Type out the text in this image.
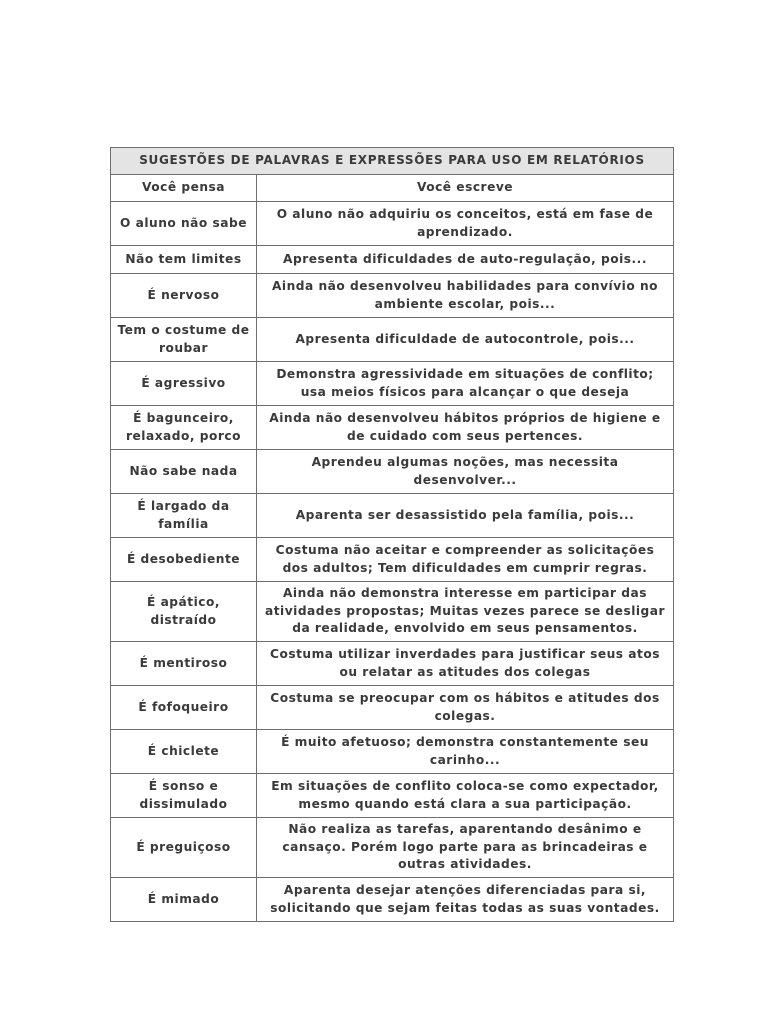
SUGESTÕES DE PALAVRAS E EXPRESSÕES PARA USO EM RELATÓRIOS	
Você pensa	Você escreve
O aluno não sabe	O aluno não adquiriu os conceitos, está em fase de aprendizado.
Não tem limites	Apresenta dificuldades de auto-regulação, pois...
É nervoso	Ainda não desenvolveu habilidades para convívio no ambiente escolar, pois...
Tem o costume de roubar	Apresenta dificuldade de autocontrole, pois...
É agressivo	Demonstra agressividade em situações de conflito; usa meios físicos para alcançar o que deseja
É bagunceiro, relaxado, porco	Ainda não desenvolveu hábitos próprios de higiene e de cuidado com seus pertences.
Não sabe nada	Aprendeu algumas noções, mas necessita desenvolver...
É largado da família	Aparenta ser desassistido pela família, pois...
É desobediente	Costuma não aceitar e compreender as solicitações dos adultos; Tem dificuldades em cumprir regras.
É apático, distraído	Ainda não demonstra interesse em participar das atividades propostas; Muitas vezes parece se desligar da realidade, envolvido em seus pensamentos.
É mentiroso	Costuma utilizar inverdades para justificar seus atos ou relatar as atitudes dos colegas
É fofoqueiro	Costuma se preocupar com os hábitos e atitudes dos colegas.
É chiclete	É muito afetuoso; demonstra constantemente seu carinho...
É sonso e dissimulado	Em situações de conflito coloca-se como expectador, mesmo quando está clara a sua participação.
É preguiçoso	Não realiza as tarefas, aparentando desânimo e cansaço. Porém logo parte para as brincadeiras e outras atividades.
É mimado	Aparenta desejar atenções diferenciadas para si, solicitando que sejam feitas todas as suas vontades.
